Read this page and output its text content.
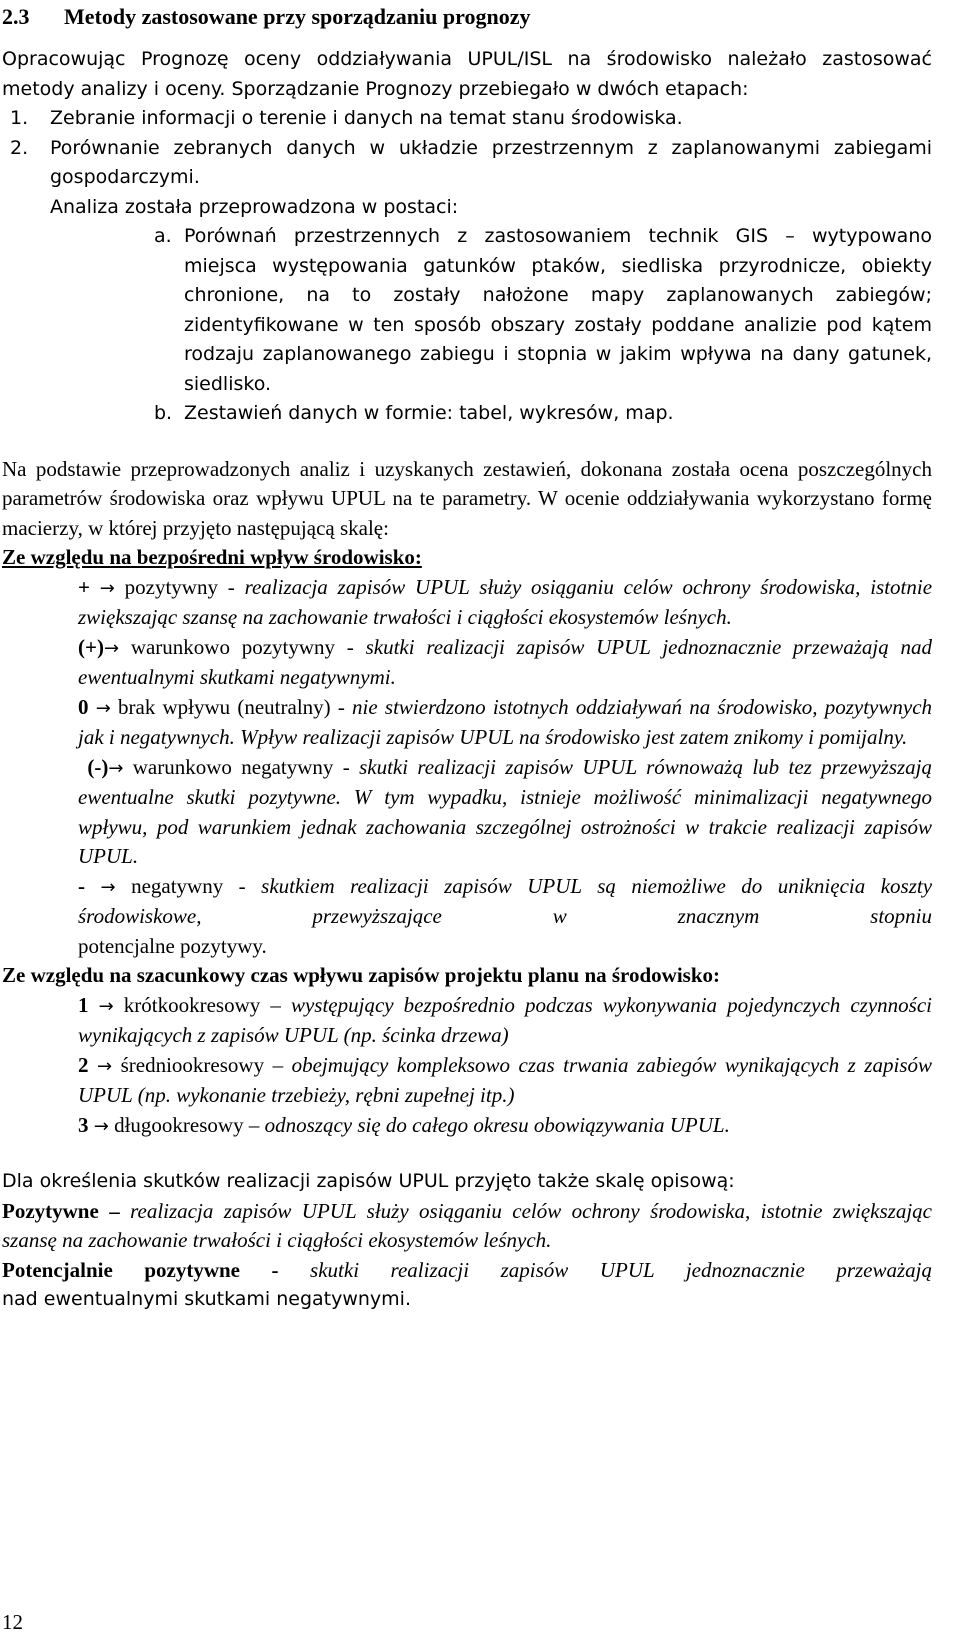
2.3 Metody zastosowane przy sporządzaniu prognozy

Opracowując Prognozę oceny oddziaływania UPUL/ISL na środowisko należało zastosować metody analizy i oceny. Sporządzanie Prognozy przebiegało w dwóch etapach:

1. Zebranie informacji o terenie i danych na temat stanu środowiska.

2. Porównanie zebranych danych w układzie przestrzennym z zaplanowanymi zabiegami gospodarczymi.

Analiza została przeprowadzona w postaci:
a. Porównań przestrzennych z zastosowaniem technik GIS – wytypowano miejsca występowania gatunków ptaków, siedliska przyrodnicze, obiekty chronione, na to zostały nałożone mapy zaplanowanych zabiegów; zidentyfikowane w ten sposób obszary zostały poddane analizie pod kątem rodzaju zaplanowanego zabiegu i stopnia w jakim wpływa na dany gatunek, siedlisko.

b. Zestawień danych w formie: tabel, wykresów, map.

Na podstawie przeprowadzonych analiz i uzyskanych zestawień, dokonana została ocena poszczególnych parametrów środowiska oraz wpływu UPUL na te parametry. W ocenie oddziaływania wykorzystano formę macierzy, w której przyjęto następującą skalę:

Ze względu na bezpośredni wpływ środowisko:

+ → pozytywny - realizacja zapisów UPUL służy osiąganiu celów ochrony środowiska, istotnie zwiększając szansę na zachowanie trwałości i ciągłości ekosystemów leśnych.

(+)→ warunkowo pozytywny - skutki realizacji zapisów UPUL jednoznacznie przeważają nad ewentualnymi skutkami negatywnymi.

0 → brak wpływu (neutralny) - nie stwierdzono istotnych oddziaływań na środowisko, pozytywnych jak i negatywnych. Wpływ realizacji zapisów UPUL na środowisko jest zatem znikomy i pomijalny.

(-)→ warunkowo negatywny - skutki realizacji zapisów UPUL równoważą lub tez przewyższają ewentualne skutki pozytywne. W tym wypadku, istnieje możliwość minimalizacji negatywnego wpływu, pod warunkiem jednak zachowania szczególnej ostrożności w trakcie realizacji zapisów UPUL.

- → negatywny - skutkiem realizacji zapisów UPUL są niemożliwe do uniknięcia koszty środowiskowe, przewyższające w znacznym stopniu

potencjalne pozytywy.

Ze względu na szacunkowy czas wpływu zapisów projektu planu na środowisko:

1 → krótkookresowy – występujący bezpośrednio podczas wykonywania pojedynczych czynności wynikających z zapisów UPUL (np. ścinka drzewa)

2 → średniookresowy – obejmujący kompleksowo czas trwania zabiegów wynikających z zapisów UPUL (np. wykonanie trzebieży, rębni zupełnej itp.)

3 → długookresowy – odnoszący się do całego okresu obowiązywania UPUL.

Dla określenia skutków realizacji zapisów UPUL przyjęto także skalę opisową:

Pozytywne – realizacja zapisów UPUL służy osiąganiu celów ochrony środowiska, istotnie zwiększając szansę na zachowanie trwałości i ciągłości ekosystemów leśnych.

Potencjalnie pozytywne - skutki realizacji zapisów UPUL jednoznacznie przeważają

nad ewentualnymi skutkami negatywnymi.

12
